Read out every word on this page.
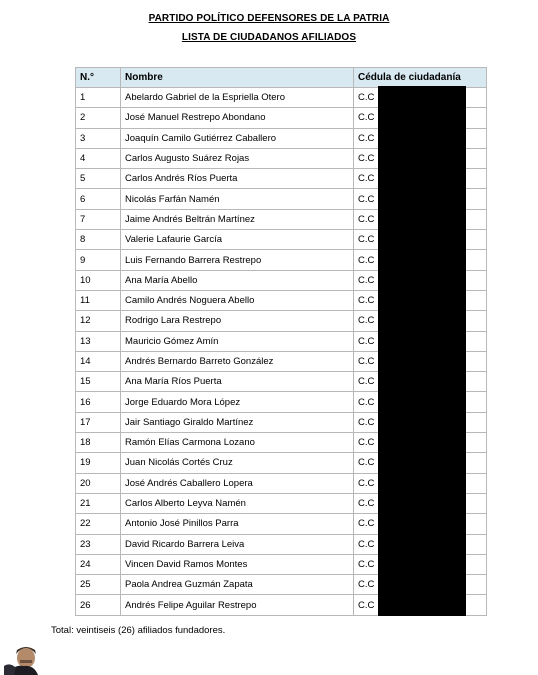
PARTIDO POLÍTICO DEFENSORES DE LA PATRIA
LISTA DE CIUDADANOS AFILIADOS
N.°	Nombre	Cédula de ciudadanía
1	Abelardo Gabriel de la Espriella Otero	C.C
2	José Manuel Restrepo Abondano	C.C
3	Joaquín Camilo Gutiérrez Caballero	C.C
4	Carlos Augusto Suárez Rojas	C.C
5	Carlos Andrés Ríos Puerta	C.C
6	Nicolás Farfán Namén	C.C
7	Jaime Andrés Beltrán Martínez	C.C
8	Valerie Lafaurie García	C.C
9	Luis Fernando Barrera Restrepo	C.C
10	Ana María Abello	C.C
11	Camilo Andrés Noguera Abello	C.C
12	Rodrigo Lara Restrepo	C.C
13	Mauricio Gómez Amín	C.C
14	Andrés Bernardo Barreto González	C.C
15	Ana María Ríos Puerta	C.C
16	Jorge Eduardo Mora López	C.C
17	Jair Santiago Giraldo Martínez	C.C
18	Ramón Elías Carmona Lozano	C.C
19	Juan Nicolás Cortés Cruz	C.C
20	José Andrés Caballero Lopera	C.C
21	Carlos Alberto Leyva Namén	C.C
22	Antonio José Pinillos Parra	C.C
23	David Ricardo Barrera Leiva	C.C
24	Vincen David Ramos Montes	C.C
25	Paola Andrea Guzmán Zapata	C.C
26	Andrés Felipe Aguilar Restrepo	C.C
Total: veintiseis (26) afiliados fundadores.
